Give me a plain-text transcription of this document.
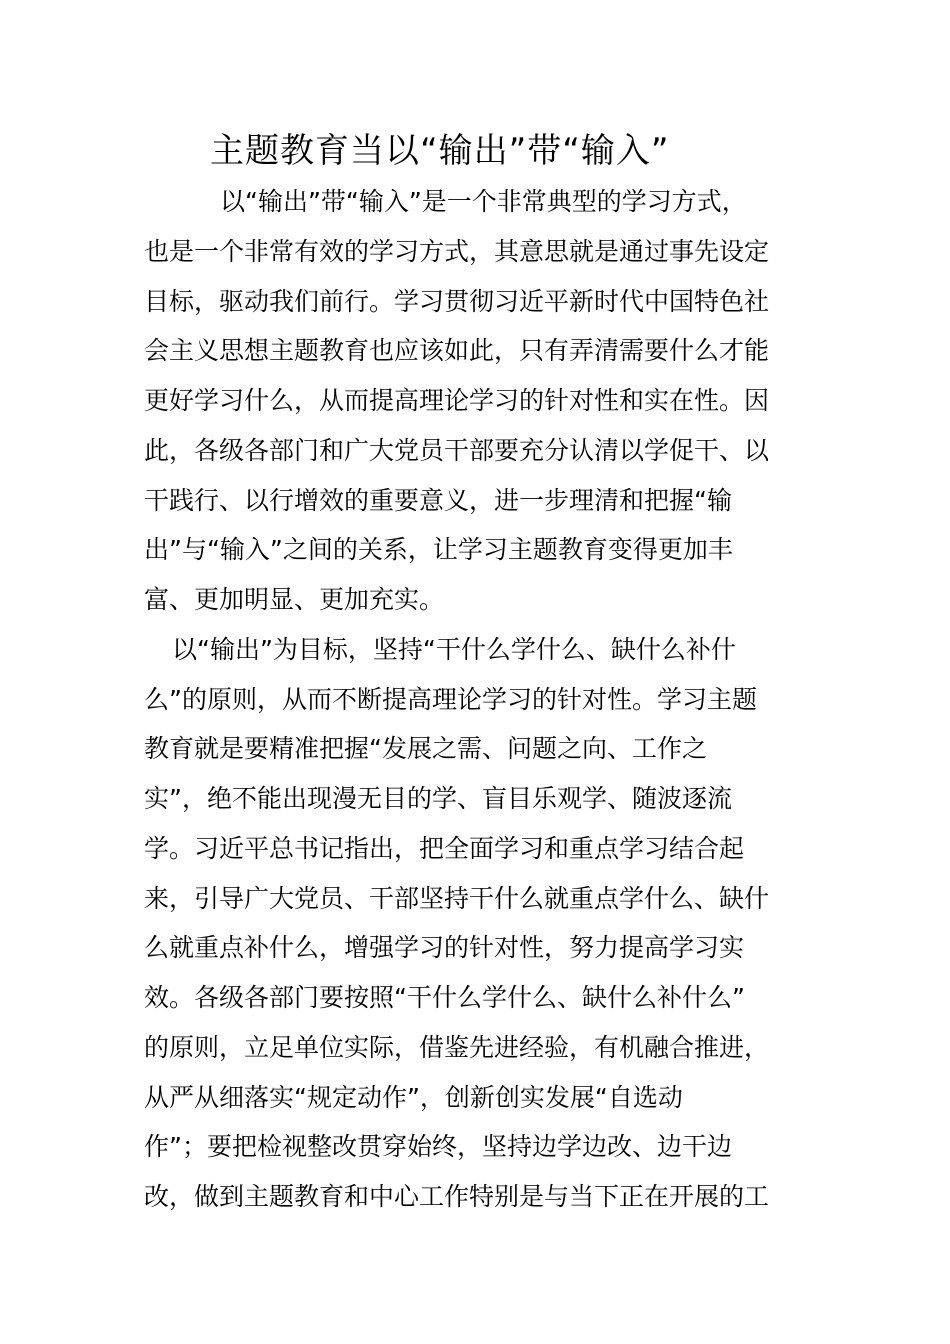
主题教育当以“输出”带“输入”
以“输出”带“输入”是一个非常典型的学习方式，
也是一个非常有效的学习方式，其意思就是通过事先设定
目标，驱动我们前行。学习贯彻习近平新时代中国特色社
会主义思想主题教育也应该如此，只有弄清需要什么才能
更好学习什么，从而提高理论学习的针对性和实在性。因
此，各级各部门和广大党员干部要充分认清以学促干、以
干践行、以行增效的重要意义，进一步理清和把握“输
出”与“输入”之间的关系，让学习主题教育变得更加丰
富、更加明显、更加充实。
以“输出”为目标，坚持“干什么学什么、缺什么补什
么”的原则，从而不断提高理论学习的针对性。学习主题
教育就是要精准把握“发展之需、问题之向、工作之
实”，绝不能出现漫无目的学、盲目乐观学、随波逐流
学。习近平总书记指出，把全面学习和重点学习结合起
来，引导广大党员、干部坚持干什么就重点学什么、缺什
么就重点补什么，增强学习的针对性，努力提高学习实
效。各级各部门要按照“干什么学什么、缺什么补什么”
的原则，立足单位实际，借鉴先进经验，有机融合推进，
从严从细落实“规定动作”，创新创实发展“自选动
作”；要把检视整改贯穿始终，坚持边学边改、边干边
改，做到主题教育和中心工作特别是与当下正在开展的工
